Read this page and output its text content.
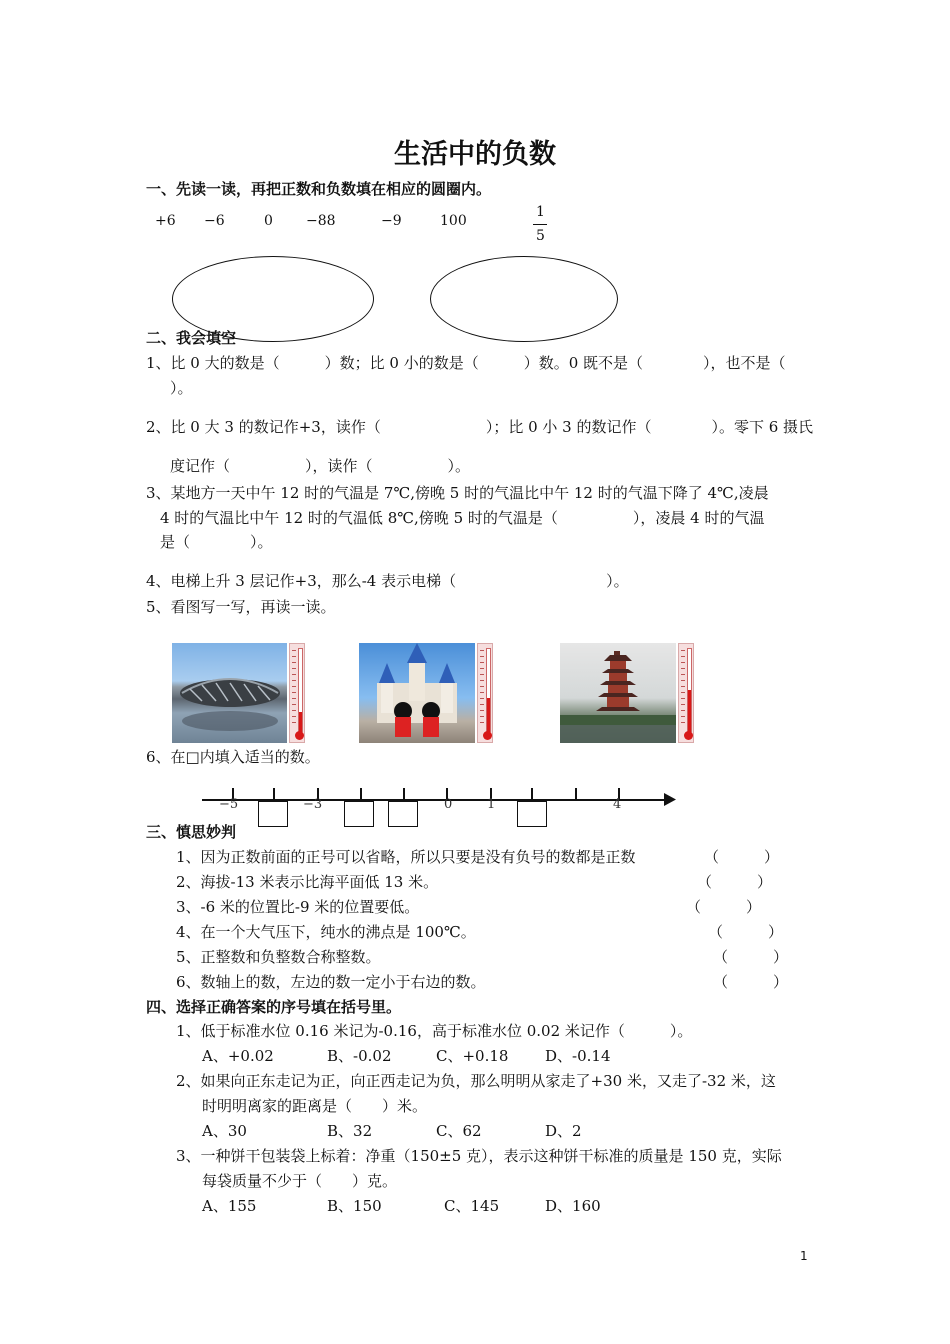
生活中的负数
一、先读一读，再把正数和负数填在相应的圆圈内。
+6 −6	0 −88	−9	100
1
5
二、我会填空
1、比 0 大的数是（　　　）数；比 0 小的数是（　　　）数。0 既不是（　　　　），也不是（
）。
2、比 0 大 3 的数记作+3，读作（　　　　　　　）；比 0 小 3 的数记作（　　　　）。零下 6 摄氏
度记作（　　　　　），读作（　　　　　）。
3、某地方一天中午 12 时的气温是 7℃,傍晚 5 时的气温比中午 12 时的气温下降了 4℃,凌晨
4 时的气温比中午 12 时的气温低 8℃,傍晚 5 时的气温是（　　　　　），凌晨 4 时的气温
是（　　　　）。
4、电梯上升 3 层记作+3，那么-4 表示电梯（　　　　　　　　　　）。
5、看图写一写，再读一读。
6、在□内填入适当的数。
−5	−3	0	1	4
三、慎思妙判
1、因为正数前面的正号可以省略，所以只要是没有负号的数都是正数	（　　　）
2、海拔-13 米表示比海平面低 13 米。	（　　　）
3、-6 米的位置比-9 米的位置要低。	（　　　）
4、在一个大气压下，纯水的沸点是 100℃。	（　　　）
5、正整数和负整数合称整数。	（　　　）
6、数轴上的数，左边的数一定小于右边的数。	（　　　）
四、选择正确答案的序号填在括号里。
1、低于标准水位 0.16 米记为-0.16，高于标准水位 0.02 米记作（　　　）。
A、+0.02	B、-0.02	C、+0.18 D、-0.14
2、如果向正东走记为正，向正西走记为负，那么明明从家走了+30 米，又走了-32 米，这
时明明离家的距离是（　　）米。
A、30	B、32	C、62	D、2
3、一种饼干包装袋上标着：净重（150±5 克），表示这种饼干标准的质量是 150 克，实际
每袋质量不少于（　　）克。
A、155	B、150	C、145	D、160
1
